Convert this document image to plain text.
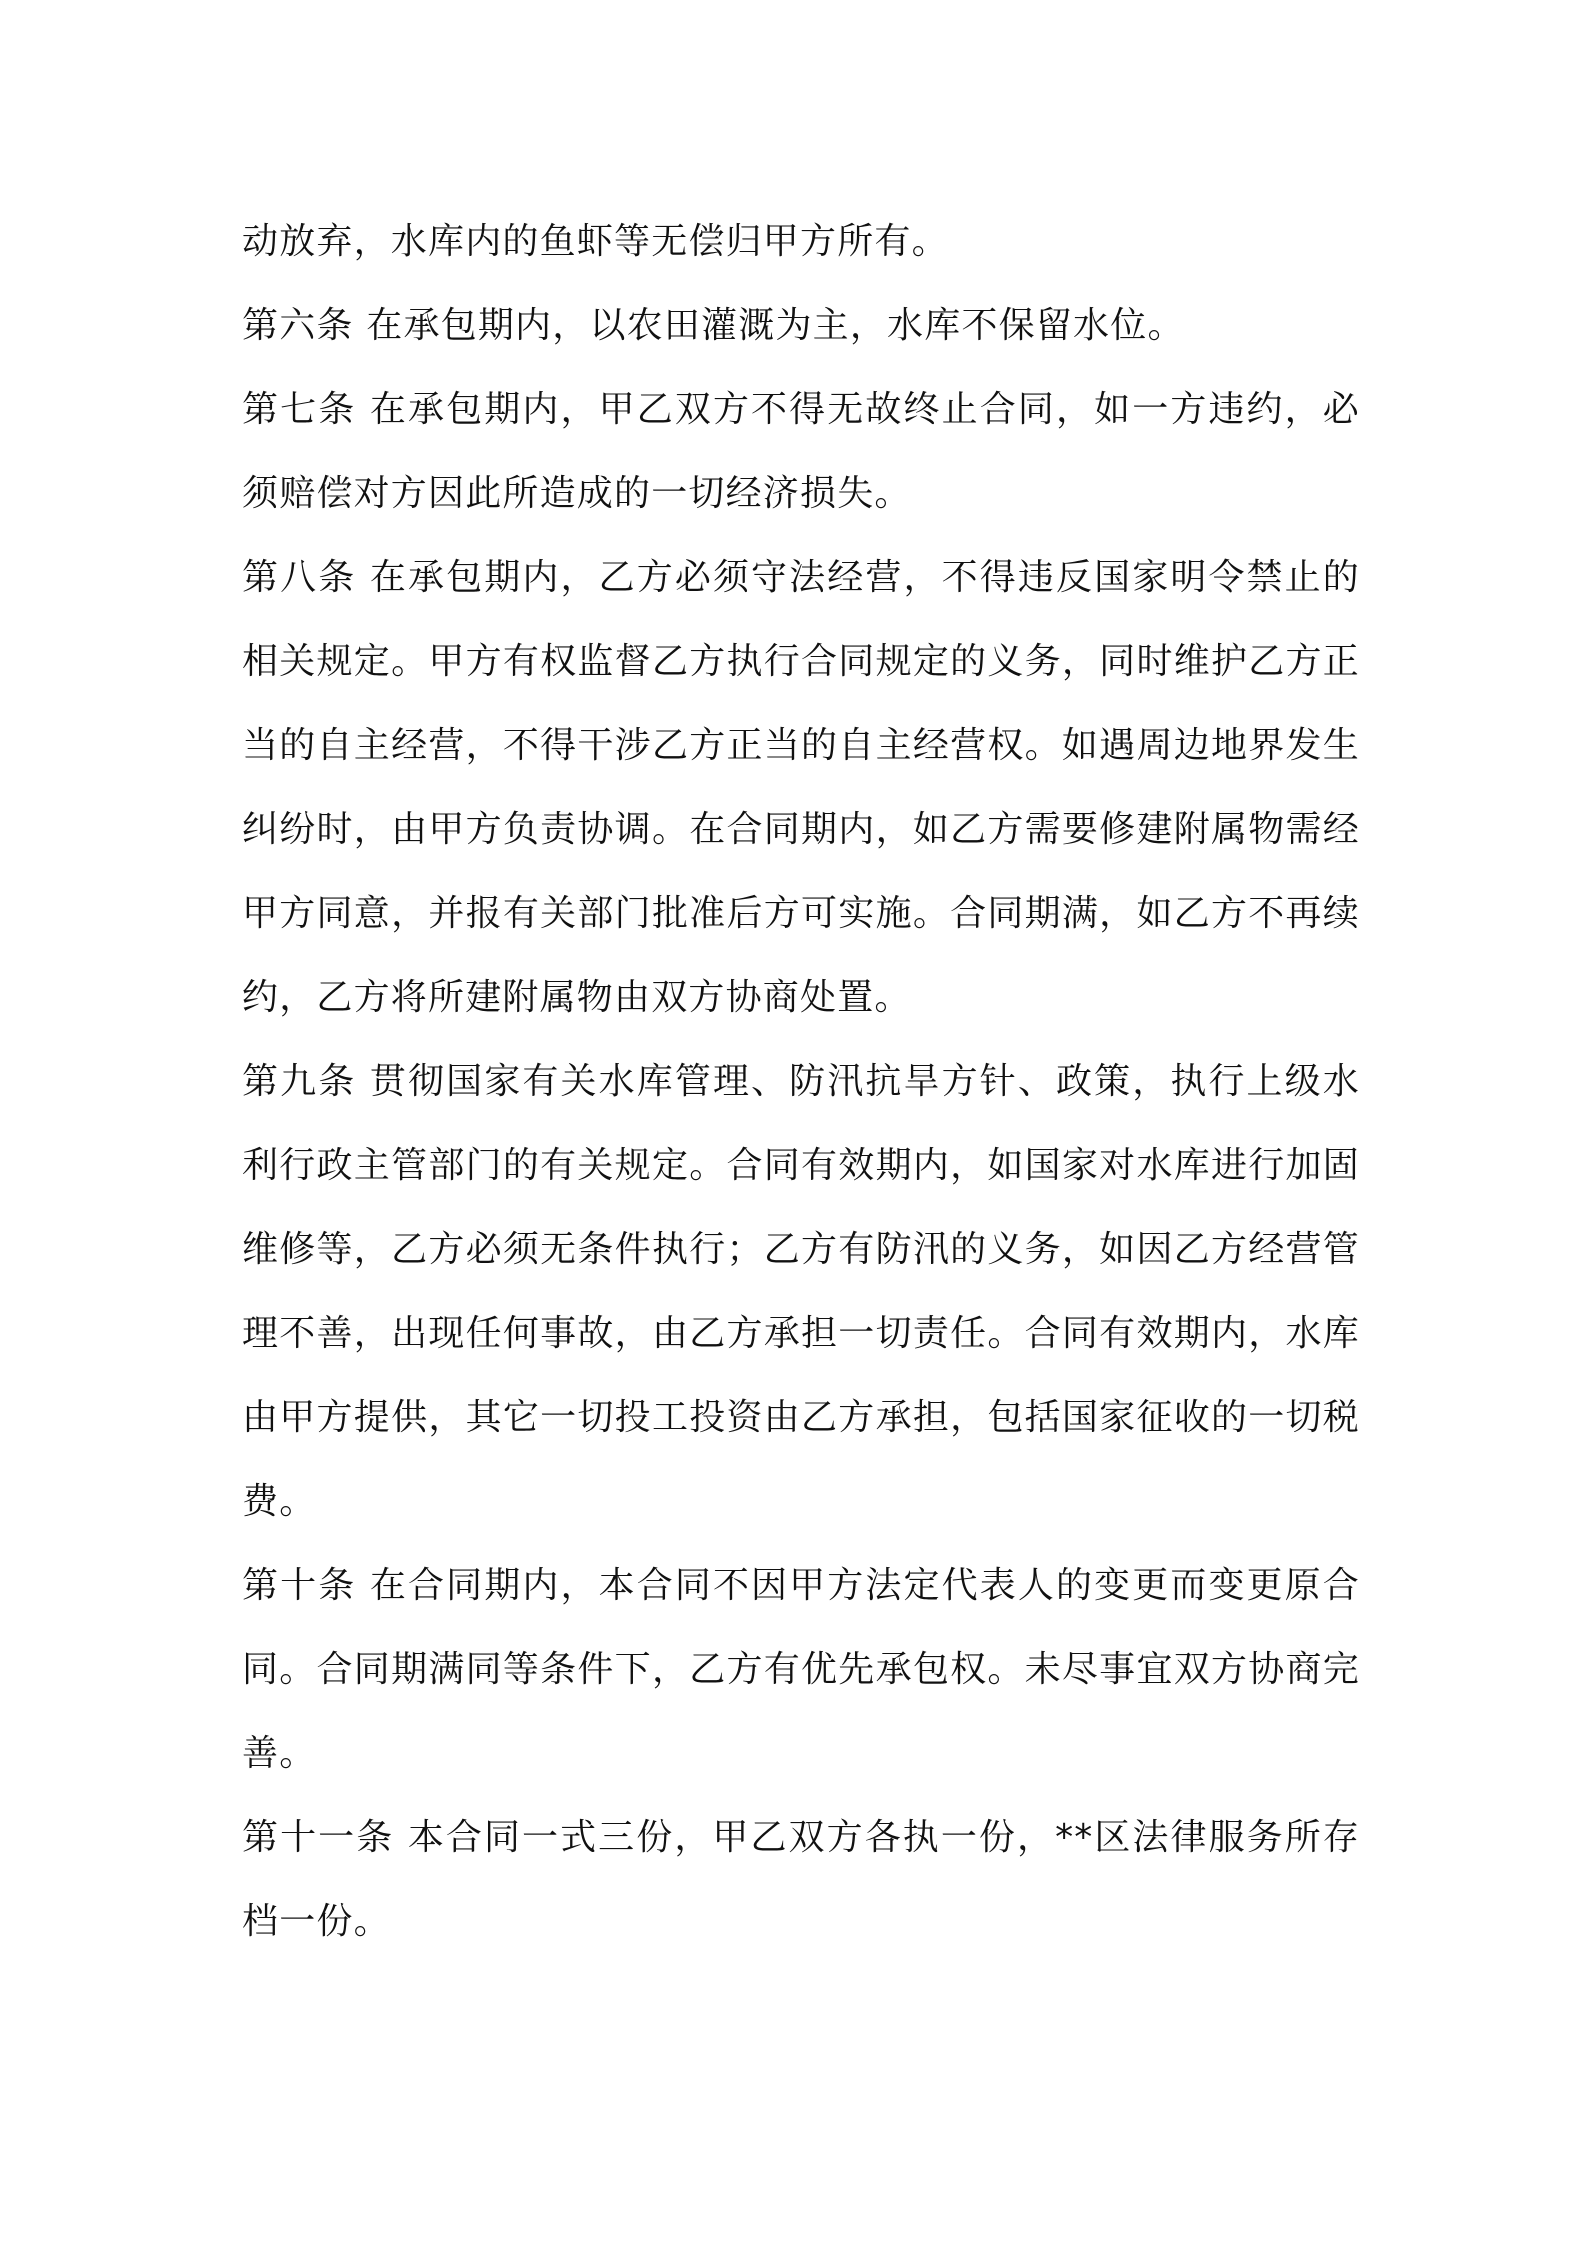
动放弃，水库内的鱼虾等无偿归甲方所有。

第六条 在承包期内，以农田灌溉为主，水库不保留水位。

第七条 在承包期内，甲乙双方不得无故终止合同，如一方违约，必须赔偿对方因此所造成的一切经济损失。

第八条 在承包期内，乙方必须守法经营，不得违反国家明令禁止的相关规定。甲方有权监督乙方执行合同规定的义务，同时维护乙方正当的自主经营，不得干涉乙方正当的自主经营权。如遇周边地界发生纠纷时，由甲方负责协调。在合同期内，如乙方需要修建附属物需经甲方同意，并报有关部门批准后方可实施。合同期满，如乙方不再续约，乙方将所建附属物由双方协商处置。

第九条 贯彻国家有关水库管理、防汛抗旱方针、政策，执行上级水利行政主管部门的有关规定。合同有效期内，如国家对水库进行加固维修等，乙方必须无条件执行；乙方有防汛的义务，如因乙方经营管理不善，出现任何事故，由乙方承担一切责任。合同有效期内，水库由甲方提供，其它一切投工投资由乙方承担，包括国家征收的一切税费。

第十条 在合同期内，本合同不因甲方法定代表人的变更而变更原合同。合同期满同等条件下，乙方有优先承包权。未尽事宜双方协商完善。

第十一条 本合同一式三份，甲乙双方各执一份，**区法律服务所存档一份。
